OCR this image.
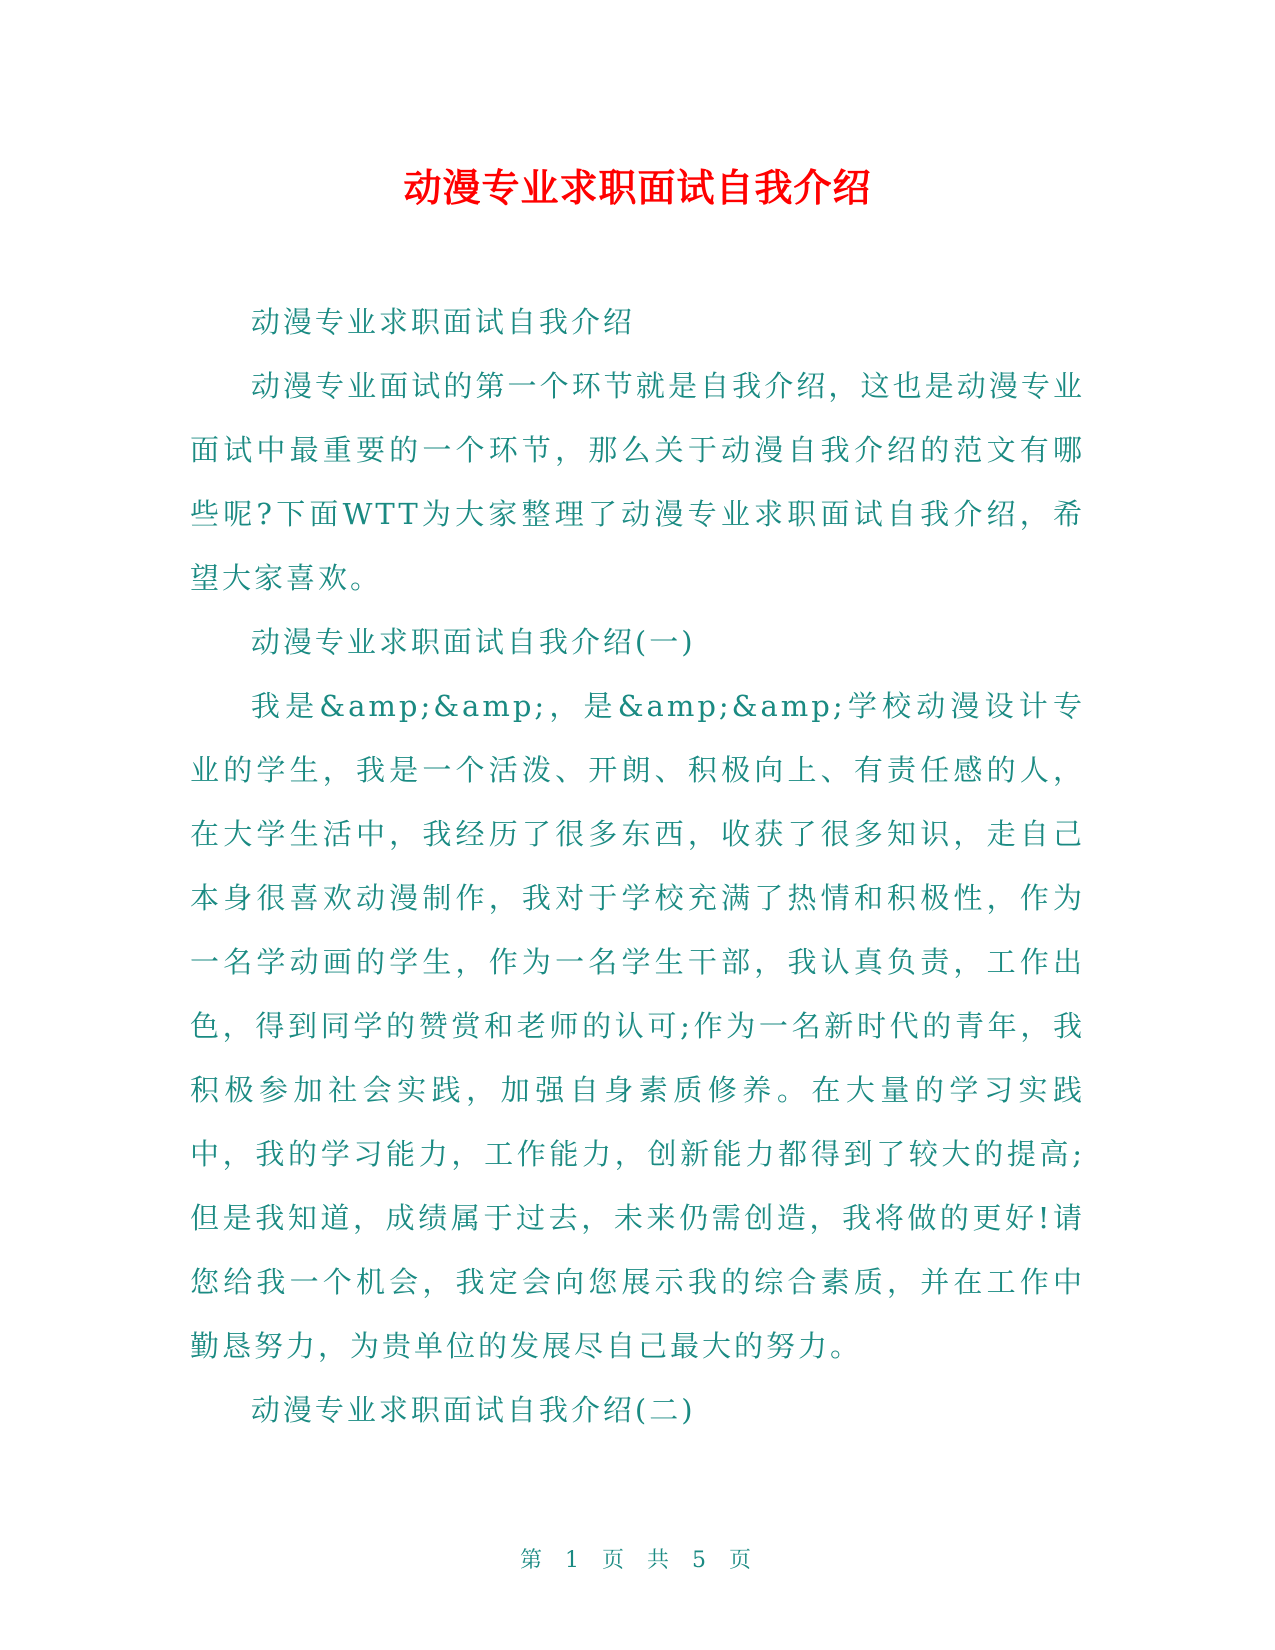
动漫专业求职面试自我介绍

动漫专业求职面试自我介绍

动漫专业面试的第一个环节就是自我介绍，这也是动漫专业面试中最重要的一个环节，那么关于动漫自我介绍的范文有哪些呢?下面WTT为大家整理了动漫专业求职面试自我介绍，希望大家喜欢。

动漫专业求职面试自我介绍(一)

我是&amp;&amp;，是&amp;&amp;学校动漫设计专业的学生，我是一个活泼、开朗、积极向上、有责任感的人，在大学生活中，我经历了很多东西，收获了很多知识，走自己本身很喜欢动漫制作，我对于学校充满了热情和积极性，作为一名学动画的学生，作为一名学生干部，我认真负责，工作出色，得到同学的赞赏和老师的认可;作为一名新时代的青年，我积极参加社会实践，加强自身素质修养。在大量的学习实践中，我的学习能力，工作能力，创新能力都得到了较大的提高;但是我知道，成绩属于过去，未来仍需创造，我将做的更好!请您给我一个机会，我定会向您展示我的综合素质，并在工作中勤恳努力，为贵单位的发展尽自己最大的努力。

动漫专业求职面试自我介绍(二)

第 1 页 共 5 页
